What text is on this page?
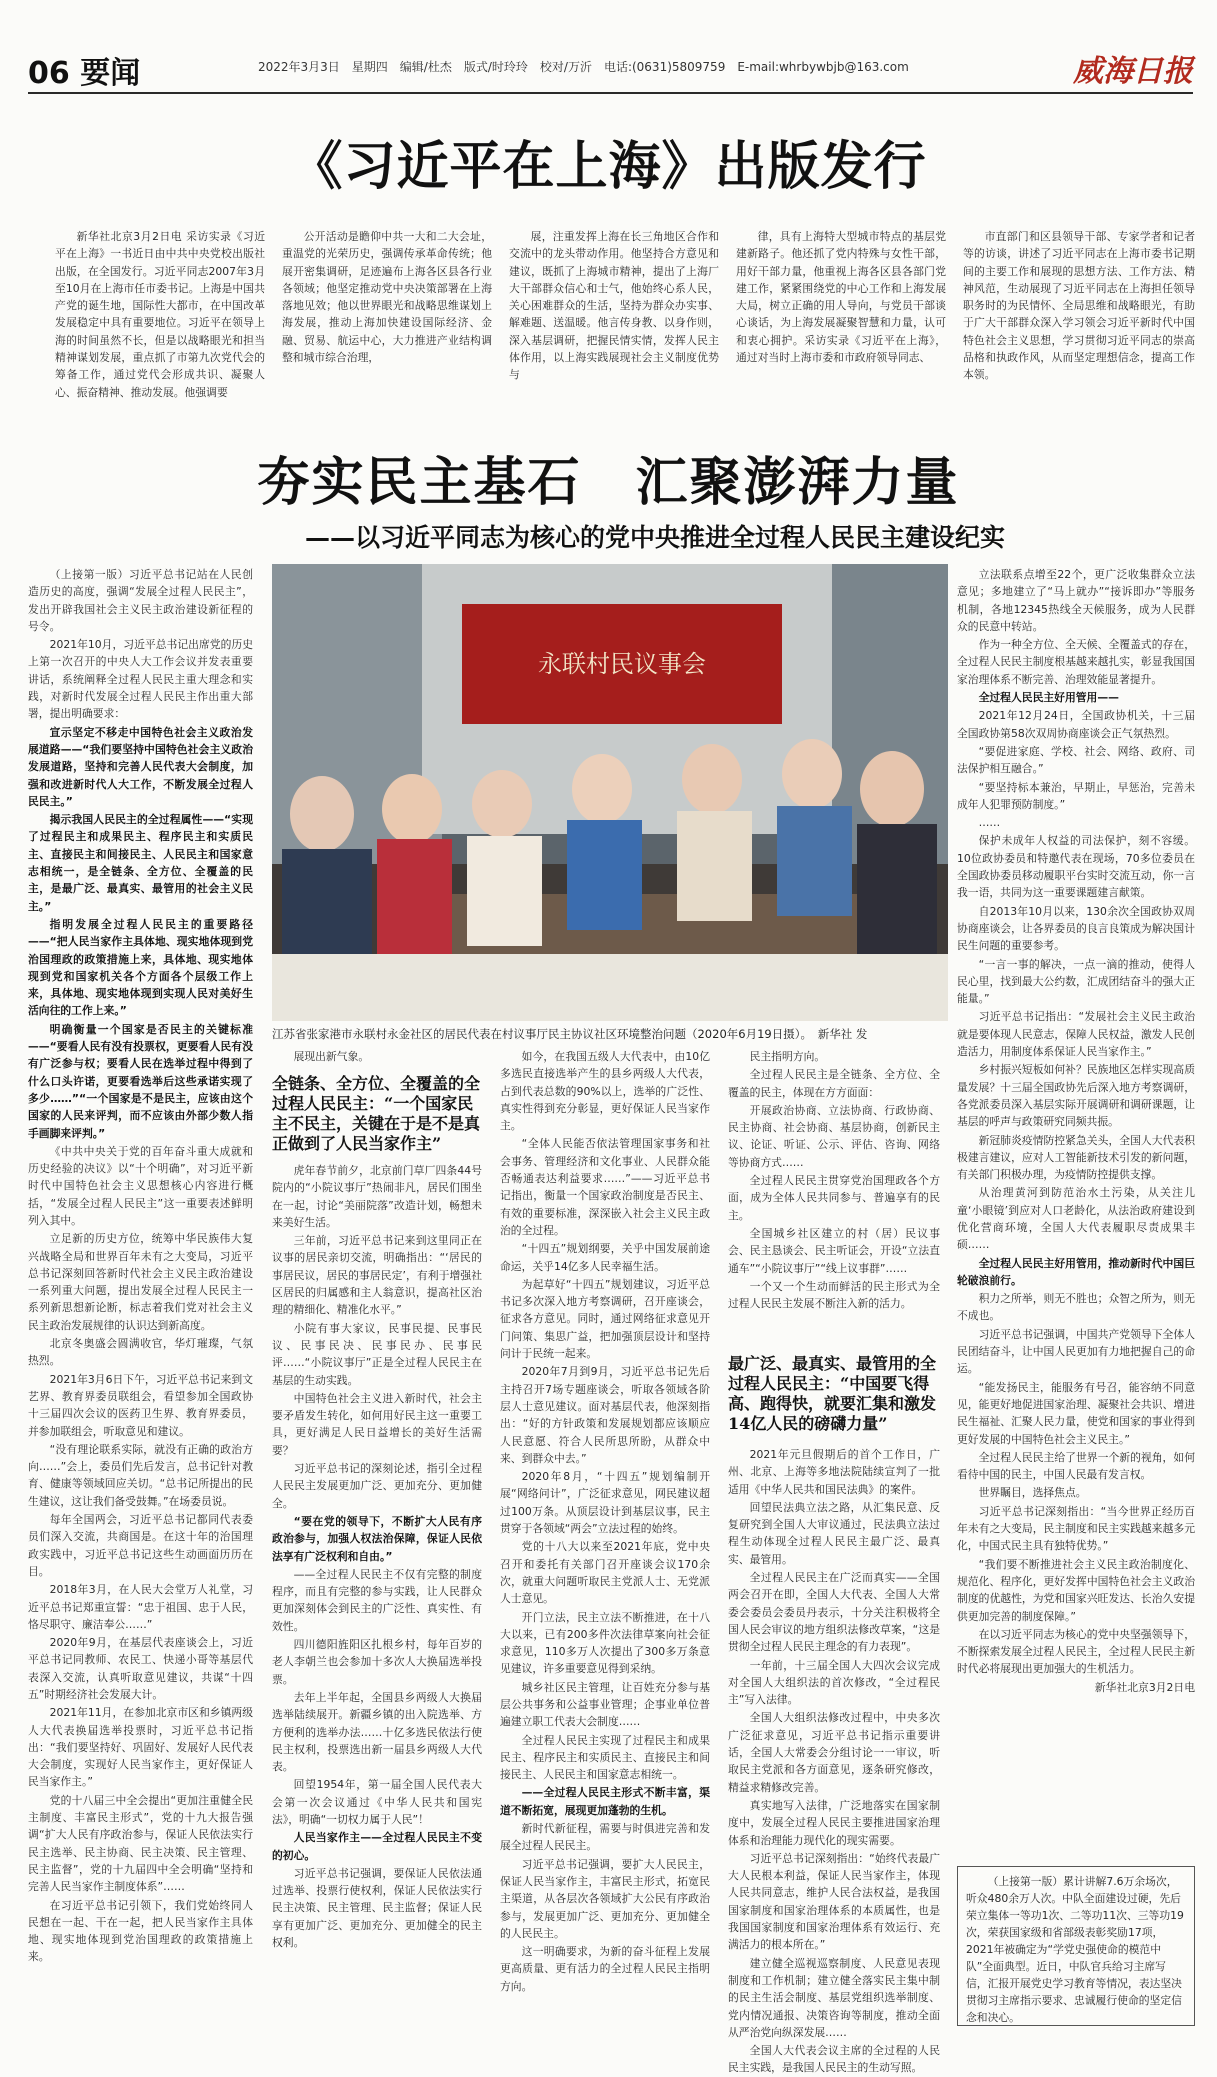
06 要闻	2022年3月3日　星期四　编辑/杜杰　版式/时玲玲　校对/万沂　电话:(0631)5809759　E-mail:whrbywbjb@163.com	威海日报
《习近平在上海》出版发行

新华社北京3月2日电 采访实录《习近平在上海》一书近日由中共中央党校出版社出版，在全国发行。习近平同志2007年3月至10月在上海市任市委书记。上海是中国共产党的诞生地，国际性大都市，在中国改革发展稳定中具有重要地位。习近平在领导上海的时间虽然不长，但是以战略眼光和担当精神谋划发展，重点抓了市第九次党代会的筹备工作，通过党代会形成共识、凝聚人心、振奋精神、推动发展。他强调要

公开活动是瞻仰中共一大和二大会址，重温党的光荣历史，强调传承革命传统；他展开密集调研，足迹遍布上海各区县各行业各领域；他坚定推动党中央决策部署在上海落地见效；他以世界眼光和战略思维谋划上海发展，推动上海加快建设国际经济、金融、贸易、航运中心，大力推进产业结构调整和城市综合治理，

展，注重发挥上海在长三角地区合作和交流中的龙头带动作用。他坚持合方意见和建议，既抓了上海城市精神，提出了上海厂大干部群众信心和士气，他始终心系人民，关心困难群众的生活，坚持为群众办实事、解难题、送温暖。他言传身教、以身作则，深入基层调研，把握民情实情，发挥人民主体作用，以上海实践展现社会主义制度优势与

律，具有上海特大型城市特点的基层党建新路子。他还抓了党内特殊与女性干部，用好干部力量，他重视上海各区县各部门党建工作，紧紧围绕党的中心工作和上海发展大局，树立正确的用人导向，与党员干部谈心谈话，为上海发展凝聚智慧和力量，认可和衷心拥护。采访实录《习近平在上海》，通过对当时上海市委和市政府领导同志、

市直部门和区县领导干部、专家学者和记者等的访谈，讲述了习近平同志在上海市委书记期间的主要工作和展现的思想方法、工作方法、精神风范，生动展现了习近平同志在上海担任领导职务时的为民情怀、全局思维和战略眼光，有助于广大干部群众深入学习领会习近平新时代中国特色社会主义思想，学习贯彻习近平同志的崇高品格和执政作风，从而坚定理想信念，提高工作本领。

夯实民主基石　汇聚澎湃力量
——以习近平同志为核心的党中央推进全过程人民民主建设纪实
永联村民议事会
江苏省张家港市永联村永金社区的居民代表在村议事厅民主协议社区环境整治问题（2020年6月19日摄）。　新华社 发

（上接第一版）习近平总书记站在人民创造历史的高度，强调“发展全过程人民民主”，发出开辟我国社会主义民主政治建设新征程的号令。

2021年10月，习近平总书记出席党的历史上第一次召开的中央人大工作会议并发表重要讲话，系统阐释全过程人民民主重大理念和实践，对新时代发展全过程人民民主作出重大部署，提出明确要求：

宣示坚定不移走中国特色社会主义政治发展道路——“我们要坚持中国特色社会主义政治发展道路，坚持和完善人民代表大会制度，加强和改进新时代人大工作，不断发展全过程人民民主。”

揭示我国人民民主的全过程属性——“实现了过程民主和成果民主、程序民主和实质民主、直接民主和间接民主、人民民主和国家意志相统一，是全链条、全方位、全覆盖的民主，是最广泛、最真实、最管用的社会主义民主。”

指明发展全过程人民民主的重要路径——“把人民当家作主具体地、现实地体现到党治国理政的政策措施上来，具体地、现实地体现到党和国家机关各个方面各个层级工作上来，具体地、现实地体现到实现人民对美好生活向往的工作上来。”

明确衡量一个国家是否民主的关键标准——“要看人民有没有投票权，更要看人民有没有广泛参与权；要看人民在选举过程中得到了什么口头许诺，更要看选举后这些承诺实现了多少……”“一个国家是不是民主，应该由这个国家的人民来评判，而不应该由外部少数人指手画脚来评判。”

《中共中央关于党的百年奋斗重大成就和历史经验的决议》以“十个明确”，对习近平新时代中国特色社会主义思想核心内容进行概括，“发展全过程人民民主”这一重要表述鲜明列入其中。

立足新的历史方位，统筹中华民族伟大复兴战略全局和世界百年未有之大变局，习近平总书记深刻回答新时代社会主义民主政治建设一系列重大问题，提出发展全过程人民民主一系列新思想新论断，标志着我们党对社会主义民主政治发展规律的认识达到新高度。

北京冬奥盛会圆满收官，华灯璀璨，气氛热烈。

2021年3月6日下午，习近平总书记来到文艺界、教育界委员联组会，看望参加全国政协十三届四次会议的医药卫生界、教育界委员，并参加联组会，听取意见和建议。

“没有理论联系实际，就没有正确的政治方向……”会上，委员们先后发言，总书记针对教育、健康等领域回应关切。“总书记所提出的民生建议，这让我们备受鼓舞。”在场委员说。

每年全国两会，习近平总书记都同代表委员们深入交流，共商国是。在这十年的治国理政实践中，习近平总书记这些生动画面历历在目。

2018年3月，在人民大会堂万人礼堂，习近平总书记郑重宣誓：“忠于祖国、忠于人民，恪尽职守、廉洁奉公……”

2020年9月，在基层代表座谈会上，习近平总书记同教师、农民工、快递小哥等基层代表深入交流，认真听取意见建议，共谋“十四五”时期经济社会发展大计。

2021年11月，在参加北京市区和乡镇两级人大代表换届选举投票时，习近平总书记指出：“我们要坚持好、巩固好、发展好人民代表大会制度，实现好人民当家作主，更好保证人民当家作主。”

党的十八届三中全会提出“更加注重健全民主制度、丰富民主形式”，党的十九大报告强调“扩大人民有序政治参与，保证人民依法实行民主选举、民主协商、民主决策、民主管理、民主监督”，党的十九届四中全会明确“坚持和完善人民当家作主制度体系”……

在习近平总书记引领下，我们党始终同人民想在一起、干在一起，把人民当家作主具体地、现实地体现到党治国理政的政策措施上来。

展现出新气象。

全链条、全方位、全覆盖的全过程人民民主：“一个国家民主不民主，关键在于是不是真正做到了人民当家作主”

虎年春节前夕，北京前门草厂四条44号院内的“小院议事厅”热闹非凡，居民们围坐在一起，讨论“美丽院落”改造计划，畅想未来美好生活。

三年前，习近平总书记来到这里同正在议事的居民亲切交流，明确指出：“‘居民的事居民议，居民的事居民定’，有利于增强社区居民的归属感和主人翁意识，提高社区治理的精细化、精准化水平。”

小院有事大家议，民事民提、民事民议、民事民决、民事民办、民事民评……“小院议事厅”正是全过程人民民主在基层的生动实践。

中国特色社会主义进入新时代，社会主要矛盾发生转化，如何用好民主这一重要工具，更好满足人民日益增长的美好生活需要？

习近平总书记的深刻论述，指引全过程人民民主发展更加广泛、更加充分、更加健全。

“要在党的领导下，不断扩大人民有序政治参与，加强人权法治保障，保证人民依法享有广泛权利和自由。”

——全过程人民民主不仅有完整的制度程序，而且有完整的参与实践，让人民群众更加深刻体会到民主的广泛性、真实性、有效性。

四川德阳旌阳区扎根乡村，每年百岁的老人李朝兰也会参加十多次人大换届选举投票。

去年上半年起，全国县乡两级人大换届选举陆续展开。新疆乡镇的出入院选举、方方便利的选举办法……十亿多选民依法行使民主权利，投票选出新一届县乡两级人大代表。

回望1954年，第一届全国人民代表大会第一次会议通过《中华人民共和国宪法》，明确“一切权力属于人民”！

人民当家作主——全过程人民民主不变的初心。

习近平总书记强调，要保证人民依法通过选举、投票行使权利，保证人民依法实行民主决策、民主管理、民主监督；保证人民享有更加广泛、更加充分、更加健全的民主权利。

如今，在我国五级人大代表中，由10亿多选民直接选举产生的县乡两级人大代表，占到代表总数的90%以上，选举的广泛性、真实性得到充分彰显，更好保证人民当家作主。

“全体人民能否依法管理国家事务和社会事务、管理经济和文化事业、人民群众能否畅通表达利益要求……”——习近平总书记指出，衡量一个国家政治制度是否民主、有效的重要标准，深深嵌入社会主义民主政治的全过程。

“十四五”规划纲要，关乎中国发展前途命运，关乎14亿多人民幸福生活。

为起草好“十四五”规划建议，习近平总书记多次深入地方考察调研，召开座谈会，征求各方意见。同时，通过网络征求意见开门问策、集思广益，把加强顶层设计和坚持问计于民统一起来。

2020年7月到9月，习近平总书记先后主持召开7场专题座谈会，听取各领域各阶层人士意见建议。面对基层代表，他深刻指出：“好的方针政策和发展规划都应该顺应人民意愿、符合人民所思所盼，从群众中来、到群众中去。”

2020年8月，“十四五”规划编制开展“网络问计”，广泛征求意见，网民建议超过100万条。从顶层设计到基层议事，民主贯穿于各领域“两会”立法过程的始终。

党的十八大以来至2021年底，党中央召开和委托有关部门召开座谈会议170余次，就重大问题听取民主党派人士、无党派人士意见。

开门立法，民主立法不断推进，在十八大以来，已有200多件次法律草案向社会征求意见，110多万人次提出了300多万条意见建议，许多重要意见得到采纳。

城乡社区民主管理，让百姓充分参与基层公共事务和公益事业管理；企事业单位普遍建立职工代表大会制度……

全过程人民民主实现了过程民主和成果民主、程序民主和实质民主、直接民主和间接民主、人民民主和国家意志相统一。

——全过程人民民主形式不断丰富，渠道不断拓宽，展现更加蓬勃的生机。

新时代新征程，需要与时俱进完善和发展全过程人民民主。

习近平总书记强调，要扩大人民民主，保证人民当家作主，丰富民主形式，拓宽民主渠道，从各层次各领域扩大公民有序政治参与，发展更加广泛、更加充分、更加健全的人民民主。

这一明确要求，为新的奋斗征程上发展更高质量、更有活力的全过程人民民主指明方向。

民主指明方向。

全过程人民民主是全链条、全方位、全覆盖的民主，体现在方方面面：

开展政治协商、立法协商、行政协商、民主协商、社会协商、基层协商，创新民主议、论证、听证、公示、评估、咨询、网络等协商方式……

全过程人民民主贯穿党治国理政各个方面，成为全体人民共同参与、普遍享有的民主。

全国城乡社区建立的村（居）民议事会、民主恳谈会、民主听证会，开设“立法直通车”“小院议事厅”“线上议事群”……

一个又一个生动而鲜活的民主形式为全过程人民民主发展不断注入新的活力。

最广泛、最真实、最管用的全过程人民民主：“中国要飞得高、跑得快，就要汇集和激发14亿人民的磅礴力量”

2021年元旦假期后的首个工作日，广州、北京、上海等多地法院陆续宣判了一批适用《中华人民共和国民法典》的案件。

回望民法典立法之路，从汇集民意、反复研究到全国人大审议通过，民法典立法过程生动体现全过程人民民主最广泛、最真实、最管用。

全过程人民民主在广泛而真实——全国两会召开在即，全国人大代表、全国人大常委会委员会委员丹表示，十分关注积极将全国人民会审议的地方组织法修改草案，“这是贯彻全过程人民民主理念的有力表现”。

一年前，十三届全国人大四次会议完成对全国人大组织法的首次修改，“全过程民主”写入法律。

全国人大组织法修改过程中，中央多次广泛征求意见，习近平总书记指示重要讲话，全国人大常委会分组讨论一一审议，听取民主党派和各方面意见，逐条研究修改，精益求精修改完善。

真实地写入法律，广泛地落实在国家制度中，发展全过程人民民主要推进国家治理体系和治理能力现代化的现实需要。

习近平总书记深刻指出：“始终代表最广大人民根本利益，保证人民当家作主，体现人民共同意志，维护人民合法权益，是我国国家制度和国家治理体系的本质属性，也是我国国家制度和国家治理体系有效运行、充满活力的根本所在。”

建立健全巡视巡察制度、人民意见表现制度和工作机制；建立健全落实民主集中制的民主生活会制度、基层党组织选举制度、党内情况通报、决策咨询等制度，推动全面从严治党向纵深发展……

全国人大代表会议主席的全过程的人民民主实践，是我国人民民主的生动写照。

立法联系点增至22个，更广泛收集群众立法意见；多地建立了“马上就办”“接诉即办”等服务机制，各地12345热线全天候服务，成为人民群众的民意中转站。

作为一种全方位、全天候、全覆盖式的存在，全过程人民民主制度根基越来越扎实，彰显我国国家治理体系不断完善、治理效能显著提升。

全过程人民民主好用管用——

2021年12月24日，全国政协机关，十三届全国政协第58次双周协商座谈会正气氛热烈。

“要促进家庭、学校、社会、网络、政府、司法保护相互融合。”

“要坚持标本兼治，早期止，早惩治，完善未成年人犯罪预防制度。”

……

保护未成年人权益的司法保护，刻不容缓。10位政协委员和特邀代表在现场，70多位委员在全国政协委员移动履职平台实时交流互动，你一言我一语，共同为这一重要课题建言献策。

自2013年10月以来，130余次全国政协双周协商座谈会，让各界委员的良言良策成为解决国计民生问题的重要参考。

“一言一事的解决，一点一滴的推动，使得人民心里，找到最大公约数，汇成团结奋斗的强大正能量。”

习近平总书记指出：“发展社会主义民主政治就是要体现人民意志，保障人民权益，激发人民创造活力，用制度体系保证人民当家作主。”

乡村振兴短板如何补？民族地区怎样实现高质量发展？十三届全国政协先后深入地方考察调研，各党派委员深入基层实际开展调研和调研课题，让基层的呼声与政策研究同频共振。

新冠肺炎疫情防控紧急关头，全国人大代表积极建言建议，应对人工智能新技术引发的新问题，有关部门积极办理，为疫情防控提供支撑。

从治理黄河到防范治水土污染，从关注儿童‘小眼镜’到应对人口老龄化，从法治政府建设到优化营商环境，全国人大代表履职尽责成果丰硕……

全过程人民民主好用管用，推动新时代中国巨轮破浪前行。

积力之所举，则无不胜也；众智之所为，则无不成也。

习近平总书记强调，中国共产党领导下全体人民团结奋斗，让中国人民更加有力地把握自己的命运。

“能发扬民主，能服务有号召，能容纳不同意见，能更好地促进国家治理、凝聚社会共识、增进民生福祉、汇聚人民力量，使党和国家的事业得到更好发展的中国特色社会主义民主。”

全过程人民民主给了世界一个新的视角，如何看待中国的民主，中国人民最有发言权。

世界瞩目，选择焦点。

习近平总书记深刻指出：“当今世界正经历百年未有之大变局，民主制度和民主实践越来越多元化，中国式民主具有独特优势。”

“我们要不断推进社会主义民主政治制度化、规范化、程序化，更好发挥中国特色社会主义政治制度的优越性，为党和国家兴旺发达、长治久安提供更加完善的制度保障。”

在以习近平同志为核心的党中央坚强领导下，不断探索发展全过程人民民主，全过程人民民主新时代必将展现出更加强大的生机活力。

新华社北京3月2日电

（上接第一版）累计讲解7.6万余场次，听众480余万人次。中队全面建设过硬，先后荣立集体一等功1次、二等功11次、三等功19次，荣获国家级和省部级表彰奖励17项，2021年被确定为“学党史强使命的模范中队”全面典型。近日，中队官兵给习主席写信，汇报开展党史学习教育等情况，表达坚决贯彻习主席指示要求、忠诚履行使命的坚定信念和决心。
